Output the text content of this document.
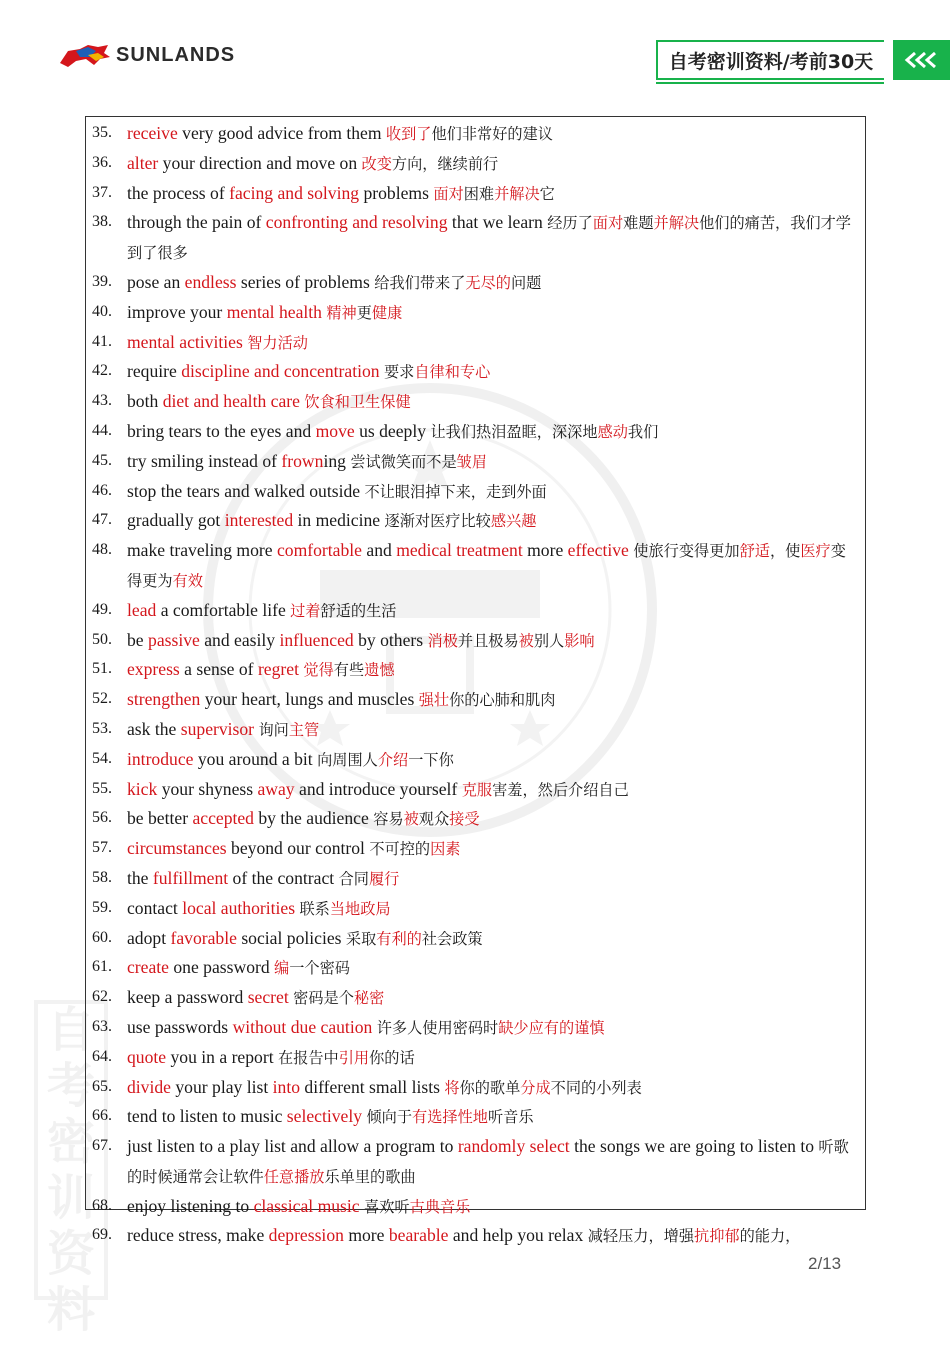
SUNLANDS	自考密训资料/考前30天
自考密训资料
35. receive very good advice from them 收到了他们非常好的建议
36. alter your direction and move on 改变方向，继续前行
37. the process of facing and solving problems 面对困难并解决它
38. through the pain of confronting and resolving that we learn 经历了面对难题并解决他们的痛苦，我们才学到了很多
39. pose an endless series of problems 给我们带来了无尽的问题
40. improve your mental health 精神更健康
41. mental activities 智力活动
42. require discipline and concentration 要求自律和专心
43. both diet and health care 饮食和卫生保健
44. bring tears to the eyes and move us deeply 让我们热泪盈眶，深深地感动我们
45. try smiling instead of frowning 尝试微笑而不是皱眉
46. stop the tears and walked outside 不让眼泪掉下来，走到外面
47. gradually got interested in medicine 逐渐对医疗比较感兴趣
48. make traveling more comfortable and medical treatment more effective 使旅行变得更加舒适，使医疗变得更为有效
49. lead a comfortable life 过着舒适的生活
50. be passive and easily influenced by others 消极并且极易被别人影响
51. express a sense of regret 觉得有些遗憾
52. strengthen your heart, lungs and muscles 强壮你的心肺和肌肉
53. ask the supervisor 询问主管
54. introduce you around a bit 向周围人介绍一下你
55. kick your shyness away and introduce yourself 克服害羞，然后介绍自己
56. be better accepted by the audience 容易被观众接受
57. circumstances beyond our control 不可控的因素
58. the fulfillment of the contract 合同履行
59. contact local authorities 联系当地政局
60. adopt favorable social policies 采取有利的社会政策
61. create one password 编一个密码
62. keep a password secret 密码是个秘密
63. use passwords without due caution 许多人使用密码时缺少应有的谨慎
64. quote you in a report 在报告中引用你的话
65. divide your play list into different small lists 将你的歌单分成不同的小列表
66. tend to listen to music selectively 倾向于有选择性地听音乐
67. just listen to a play list and allow a program to randomly select the songs we are going to listen to 听歌的时候通常会让软件任意播放乐单里的歌曲
68. enjoy listening to classical music 喜欢听古典音乐
69. reduce stress, make depression more bearable and help you relax 减轻压力，增强抗抑郁的能力，
2/13
